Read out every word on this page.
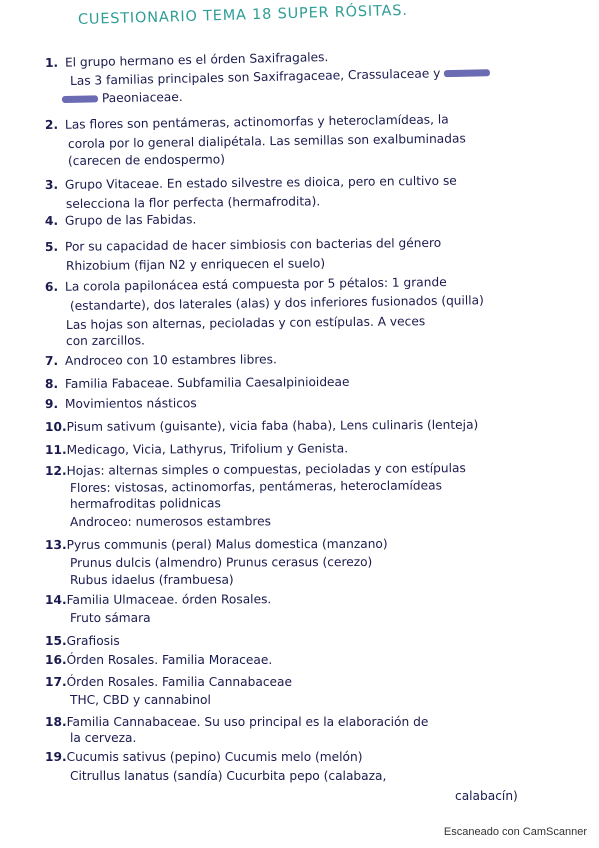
CUESTIONARIO TEMA 18 SUPER RÓSITAS.
1. El grupo hermano es el órden Saxifragales.
Las 3 familias principales son Saxifragaceae, Crassulaceae y
Paeoniaceae.
2. Las flores son pentámeras, actinomorfas y heteroclamídeas, la
corola por lo general dialipétala. Las semillas son exalbuminadas
(carecen de endospermo)
3. Grupo Vitaceae. En estado silvestre es dioica, pero en cultivo se
selecciona la flor perfecta (hermafrodita).
4. Grupo de las Fabidas.
5. Por su capacidad de hacer simbiosis con bacterias del género
Rhizobium (fijan N2 y enriquecen el suelo)
6. La corola papilonácea está compuesta por 5 pétalos: 1 grande
(estandarte), dos laterales (alas) y dos inferiores fusionados (quilla)
Las hojas son alternas, pecioladas y con estípulas. A veces
con zarcillos.
7. Androceo con 10 estambres libres.
8. Familia Fabaceae. Subfamilia Caesalpinioideae
9. Movimientos násticos
10.Pisum sativum (guisante), vicia faba (haba), Lens culinaris (lenteja)
11.Medicago, Vicia, Lathyrus, Trifolium y Genista.
12.Hojas: alternas simples o compuestas, pecioladas y con estípulas
Flores: vistosas, actinomorfas, pentámeras, heteroclamídeas
hermafroditas polidnicas
Androceo: numerosos estambres
13.Pyrus communis (peral) Malus domestica (manzano)
Prunus dulcis (almendro) Prunus cerasus (cerezo)
Rubus idaelus (frambuesa)
14.Familia Ulmaceae. órden Rosales.
Fruto sámara
15.Grafiosis
16.Órden Rosales. Familia Moraceae.
17.Órden Rosales. Familia Cannabaceae
THC, CBD y cannabinol
18.Familia Cannabaceae. Su uso principal es la elaboración de
la cerveza.
19.Cucumis sativus (pepino) Cucumis melo (melón)
Citrullus lanatus (sandía) Cucurbita pepo (calabaza,
calabacín)
Escaneado con CamScanner
